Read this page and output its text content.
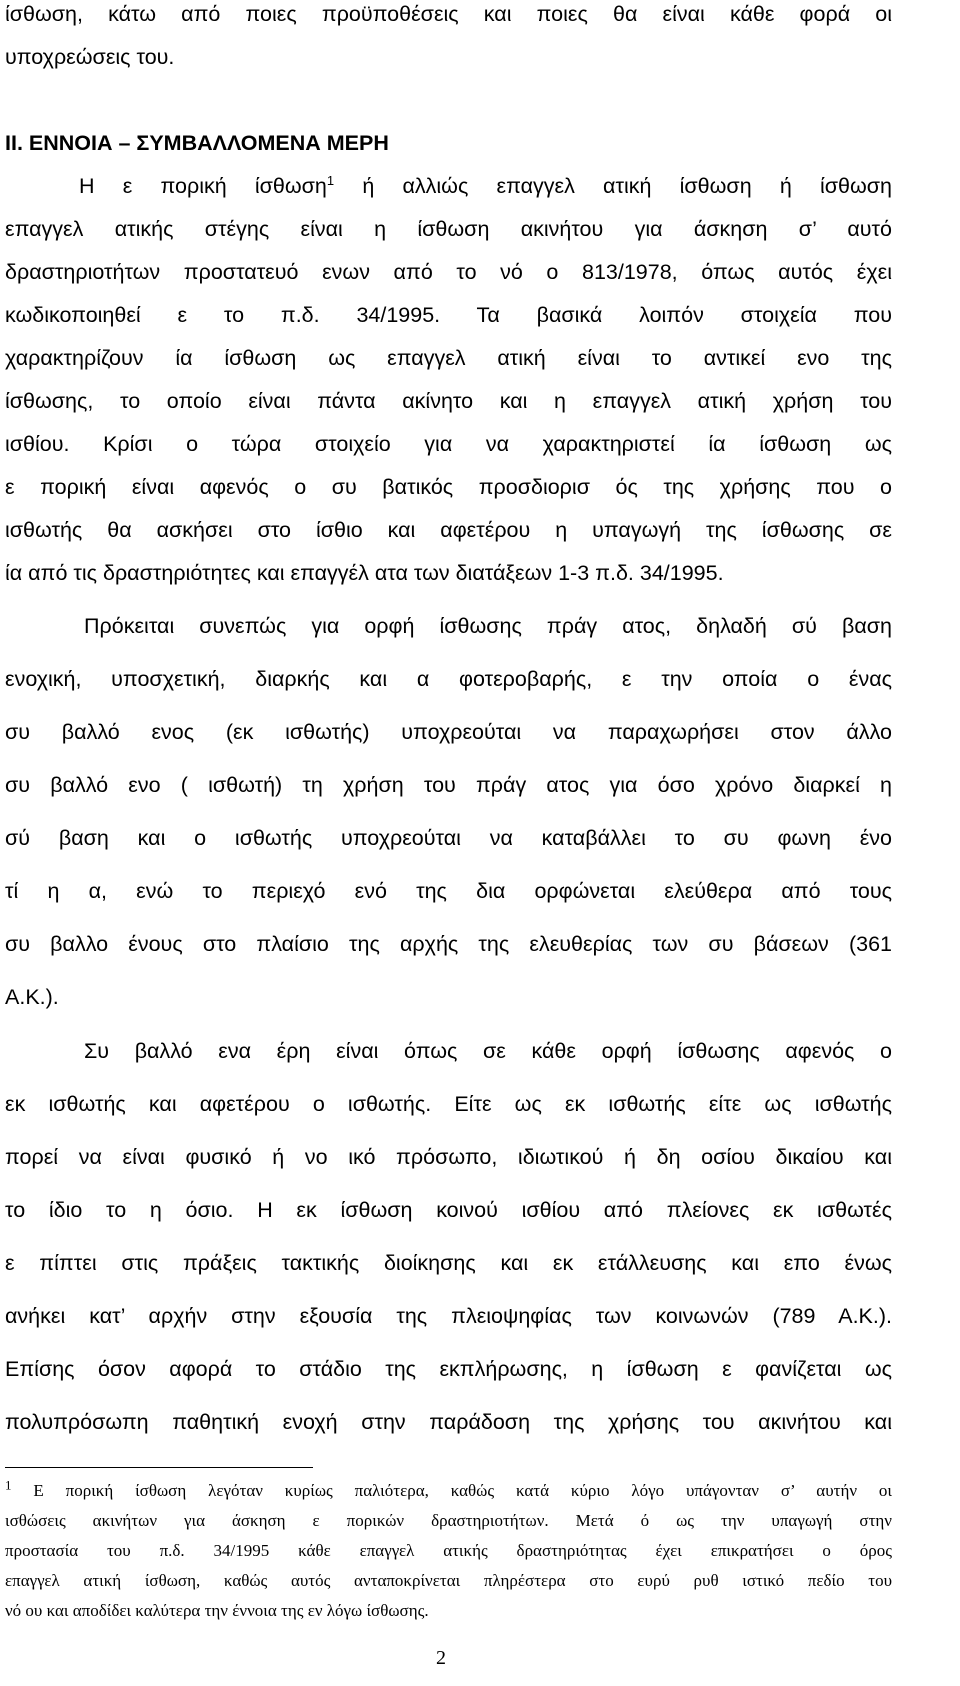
ίσθωση, κάτω από ποιες προϋποθέσεις και ποιες θα είναι κάθε φορά οι

υποχρεώσεις του.

ΙΙ. ΕΝΝΟΙΑ – ΣΥΜΒΑΛΛΟΜΕΝΑ ΜΕΡΗ

Η ε πορική ίσθωση$^1$ ή αλλιώς επαγγελ ατική ίσθωση ή ίσθωση

επαγγελ ατικής στέγης είναι η ίσθωση ακινήτου για άσκηση σ’ αυτό

δραστηριοτήτων προστατευό ενων από το νό ο 813/1978, όπως αυτός έχει

κωδικοποιηθεί ε το π.δ. 34/1995. Τα βασικά λοιπόν στοιχεία που

χαρακτηρίζουν ία ίσθωση ως επαγγελ ατική είναι το αντικεί ενο της

ίσθωσης, το οποίο είναι πάντα ακίνητο και η επαγγελ ατική χρήση του

ισθίου. Κρίσι ο τώρα στοιχείο για να χαρακτηριστεί ία ίσθωση ως

ε πορική είναι αφενός ο συ βατικός προσδιορισ ός της χρήσης που ο

ισθωτής θα ασκήσει στο ίσθιο και αφετέρου η υπαγωγή της ίσθωσης σε

ία από τις δραστηριότητες και επαγγέλ ατα των διατάξεων 1-3 π.δ. 34/1995.

Πρόκειται συνεπώς για ορφή ίσθωσης πράγ ατος, δηλαδή σύ βαση

ενοχική, υποσχετική, διαρκής και α φοτεροβαρής, ε την οποία ο ένας

συ βαλλό ενος (εκ ισθωτής) υποχρεούται να παραχωρήσει στον άλλο

συ βαλλό ενο ( ισθωτή) τη χρήση του πράγ ατος για όσο χρόνο διαρκεί η

σύ βαση και ο ισθωτής υποχρεούται να καταβάλλει το συ φωνη ένο

τί η α, ενώ το περιεχό ενό της δια ορφώνεται ελεύθερα από τους

συ βαλλο ένους στο πλαίσιο της αρχής της ελευθερίας των συ βάσεων (361

Α.Κ.).

Συ βαλλό ενα έρη είναι όπως σε κάθε ορφή ίσθωσης αφενός ο

εκ ισθωτής και αφετέρου ο ισθωτής. Είτε ως εκ ισθωτής είτε ως ισθωτής

πορεί να είναι φυσικό ή νο ικό πρόσωπο, ιδιωτικού ή δη οσίου δικαίου και

το ίδιο το η όσιο. Η εκ ίσθωση κοινού ισθίου από πλείονες εκ ισθωτές

ε πίπτει στις πράξεις τακτικής διοίκησης και εκ ετάλλευσης και επο ένως

ανήκει κατ’ αρχήν στην εξουσία της πλειοψηφίας των κοινωνών (789 Α.Κ.).

Επίσης όσον αφορά το στάδιο της εκπλήρωσης, η ίσθωση ε φανίζεται ως

πολυπρόσωπη παθητική ενοχή στην παράδοση της χρήσης του ακινήτου και

$^1$ Ε πορική ίσθωση λεγόταν κυρίως παλιότερα, καθώς κατά κύριο λόγο υπάγονταν σ’ αυτήν οι

ισθώσεις ακινήτων για άσκηση ε πορικών δραστηριοτήτων. Μετά ό ως την υπαγωγή στην

προστασία του π.δ. 34/1995 κάθε επαγγελ ατικής δραστηριότητας έχει επικρατήσει ο όρος

επαγγελ ατική ίσθωση, καθώς αυτός ανταποκρίνεται πληρέστερα στο ευρύ ρυθ ιστικό πεδίο του

νό ου και αποδίδει καλύτερα την έννοια της εν λόγω ίσθωσης.

2
